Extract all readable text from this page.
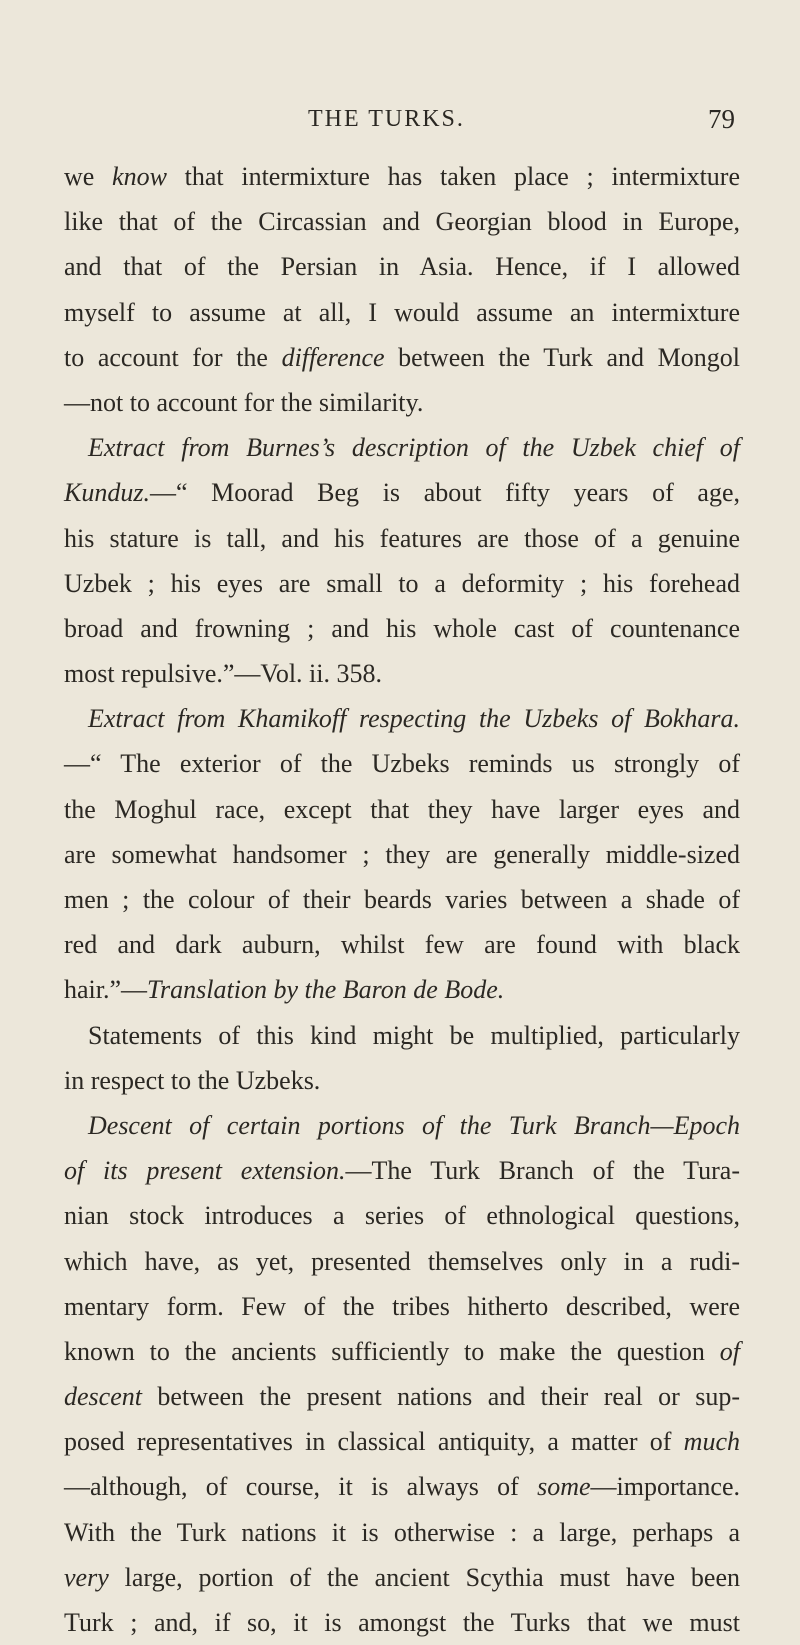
THE TURKS.	79
we know that intermixture has taken place ; intermixture
like that of the Circassian and Georgian blood in Europe,
and that of the Persian in Asia. Hence, if I allowed
myself to assume at all, I would assume an intermixture
to account for the difference between the Turk and Mongol
—not to account for the similarity.
Extract from Burnes’s description of the Uzbek chief of
Kunduz.—“ Moorad Beg is about fifty years of age,
his stature is tall, and his features are those of a genuine
Uzbek ; his eyes are small to a deformity ; his forehead
broad and frowning ; and his whole cast of countenance
most repulsive.”—Vol. ii. 358.
Extract from Khamikoff respecting the Uzbeks of Bokhara.
—“ The exterior of the Uzbeks reminds us strongly of
the Moghul race, except that they have larger eyes and
are somewhat handsomer ; they are generally middle-sized
men ; the colour of their beards varies between a shade of
red and dark auburn, whilst few are found with black
hair.”—Translation by the Baron de Bode.
Statements of this kind might be multiplied, particularly
in respect to the Uzbeks.
Descent of certain portions of the Turk Branch—Epoch
of its present extension.—The Turk Branch of the Tura-
nian stock introduces a series of ethnological questions,
which have, as yet, presented themselves only in a rudi-
mentary form. Few of the tribes hitherto described, were
known to the ancients sufficiently to make the question of
descent between the present nations and their real or sup-
posed representatives in classical antiquity, a matter of much
—although, of course, it is always of some—importance.
With the Turk nations it is otherwise : a large, perhaps a
very large, portion of the ancient Scythia must have been
Turk ; and, if so, it is amongst the Turks that we must
